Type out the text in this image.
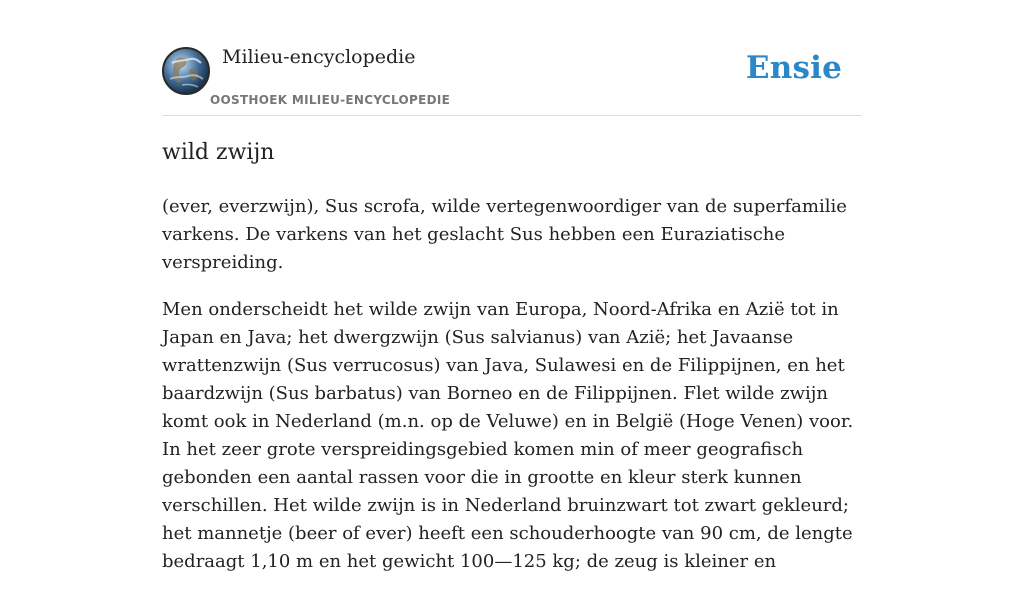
Milieu-encyclopedie
OOSTHOEK MILIEU-ENCYCLOPEDIE
Ensie
wild zwijn

(ever, everzwijn), Sus scrofa, wilde vertegenwoordiger van de superfamilie varkens. De varkens van het geslacht Sus hebben een Euraziatische verspreiding.

Men onderscheidt het wilde zwijn van Europa, Noord-Afrika en Azië tot in Japan en Java; het dwergzwijn (Sus salvianus) van Azië; het Javaanse wrattenzwijn (Sus verrucosus) van Java, Sulawesi en de Filippijnen, en het baardzwijn (Sus barbatus) van Borneo en de Filippijnen. Flet wilde zwijn komt ook in Nederland (m.n. op de Veluwe) en in België (Hoge Venen) voor. In het zeer grote verspreidingsgebied komen min of meer geografisch gebonden een aantal rassen voor die in grootte en kleur sterk kunnen verschillen. Het wilde zwijn is in Nederland bruinzwart tot zwart gekleurd; het mannetje (beer of ever) heeft een schouderhoogte van 90 cm, de lengte bedraagt 1,10 m en het gewicht 100—125 kg; de zeug is kleiner en
